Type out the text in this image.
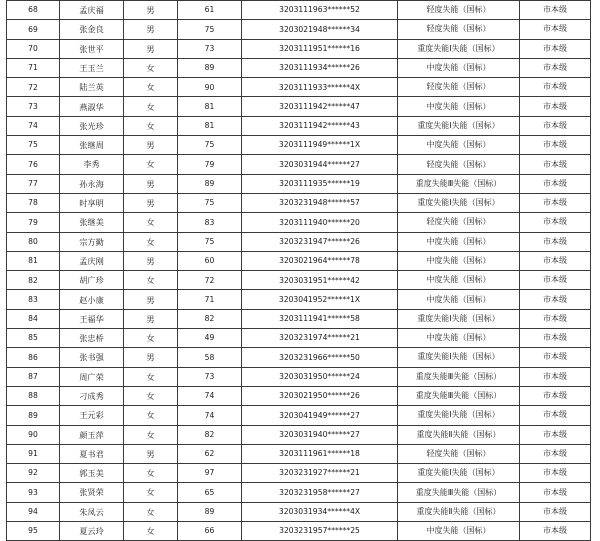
68	孟庆福	男	61	3203111963******52	轻度失能（国标）	市本级
69	张金良	男	75	3203021948******34	轻度失能（国标）	市本级
70	张世平	男	73	3203111951******16	重度失能Ⅰ失能（国标）	市本级
71	王玉兰	女	89	3203111934******26	中度失能（国标）	市本级
72	陆兰英	女	90	3203111933******4X	轻度失能（国标）	市本级
73	燕淑华	女	81	3203111942******47	中度失能（国标）	市本级
74	张光珍	女	81	3203111942******43	重度失能Ⅰ失能（国标）	市本级
75	张继周	男	75	3203111949******1X	中度失能（国标）	市本级
76	李秀	女	79	3203031944******27	轻度失能（国标）	市本级
77	孙永海	男	89	3203111935******19	重度失能Ⅲ失能（国标）	市本级
78	时享明	男	75	3203231948******57	重度失能Ⅰ失能（国标）	市本级
79	张继美	女	83	3203111940******20	轻度失能（国标）	市本级
80	宗方勤	女	75	3203231947******26	中度失能（国标）	市本级
81	孟庆刚	男	60	3203021964******78	中度失能（国标）	市本级
82	胡广珍	女	72	3203031951******42	中度失能（国标）	市本级
83	赵小康	男	71	3203041952******1X	中度失能（国标）	市本级
84	王福华	男	82	3203111941******58	重度失能Ⅰ失能（国标）	市本级
85	张忠桥	女	49	3203231974******21	中度失能（国标）	市本级
86	张书强	男	58	3203231966******50	重度失能Ⅰ失能（国标）	市本级
87	周广荣	女	73	3203031950******24	重度失能Ⅲ失能（国标）	市本级
88	刁成秀	女	74	3203021950******26	重度失能Ⅲ失能（国标）	市本级
89	王元彩	女	74	3203041949******27	重度失能Ⅰ失能（国标）	市本级
90	颜玉萍	女	82	3203031940******27	重度失能Ⅱ失能（国标）	市本级
91	夏书君	男	62	3203111961******18	轻度失能（国标）	市本级
92	郭玉美	女	97	3203231927******21	重度失能Ⅰ失能（国标）	市本级
93	张贤荣	女	65	3203231958******27	重度失能Ⅲ失能（国标）	市本级
94	朱凤云	女	89	3203031934******4X	重度失能Ⅱ失能（国标）	市本级
95	夏云玲	女	66	3203231957******25	中度失能（国标）	市本级
